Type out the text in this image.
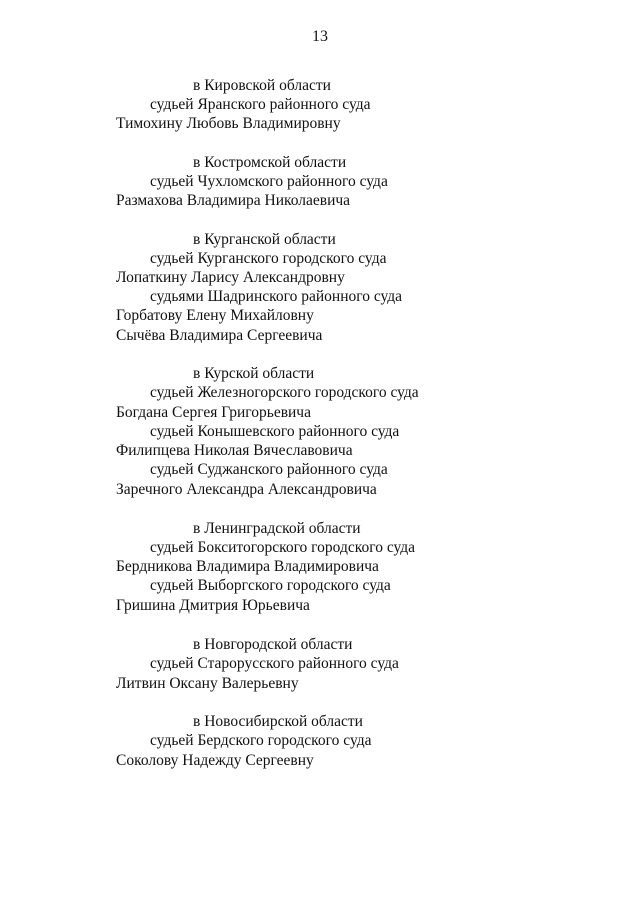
13
в Кировской области
судьей Яранского районного суда
Тимохину Любовь Владимировну
в Костромской области
судьей Чухломского районного суда
Размахова Владимира Николаевича
в Курганской области
судьей Курганского городского суда
Лопаткину Ларису Александровну
судьями Шадринского районного суда
Горбатову Елену Михайловну
Сычёва Владимира Сергеевича
в Курской области
судьей Железногорского городского суда
Богдана Сергея Григорьевича
судьей Конышевского районного суда
Филипцева Николая Вячеславовича
судьей Суджанского районного суда
Заречного Александра Александровича
в Ленинградской области
судьей Бокситогорского городского суда
Бердникова Владимира Владимировича
судьей Выборгского городского суда
Гришина Дмитрия Юрьевича
в Новгородской области
судьей Старорусского районного суда
Литвин Оксану Валерьевну
в Новосибирской области
судьей Бердского городского суда
Соколову Надежду Сергеевну
